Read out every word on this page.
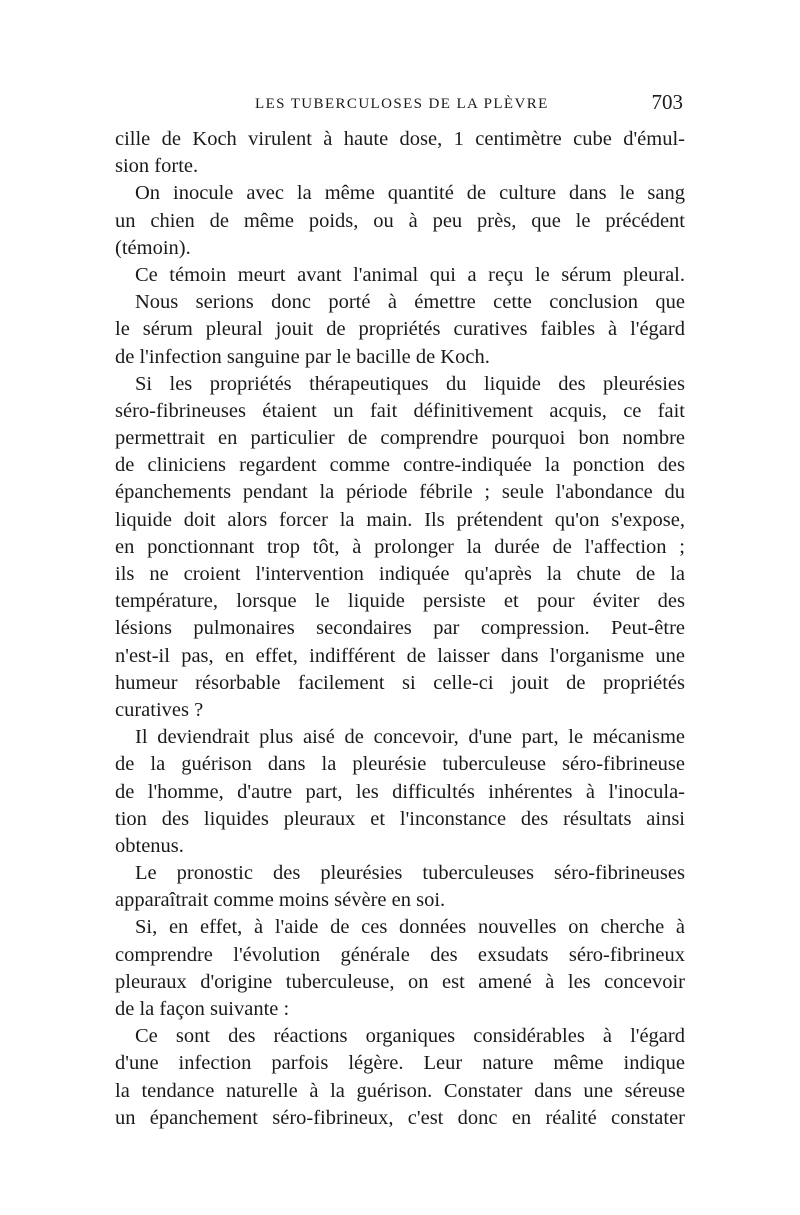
LES TUBERCULOSES DE LA PLÈVRE	703
cille de Koch virulent à haute dose, 1 centimètre cube d'émul-
sion forte.
On inocule avec la même quantité de culture dans le sang
un chien de même poids, ou à peu près, que le précédent
(témoin).
Ce témoin meurt avant l'animal qui a reçu le sérum pleural.
Nous serions donc porté à émettre cette conclusion que
le sérum pleural jouit de propriétés curatives faibles à l'égard
de l'infection sanguine par le bacille de Koch.
Si les propriétés thérapeutiques du liquide des pleurésies
séro-fibrineuses étaient un fait définitivement acquis, ce fait
permettrait en particulier de comprendre pourquoi bon nombre
de cliniciens regardent comme contre-indiquée la ponction des
épanchements pendant la période fébrile ; seule l'abondance du
liquide doit alors forcer la main. Ils prétendent qu'on s'expose,
en ponctionnant trop tôt, à prolonger la durée de l'affection ;
ils ne croient l'intervention indiquée qu'après la chute de la
température, lorsque le liquide persiste et pour éviter des
lésions pulmonaires secondaires par compression. Peut-être
n'est-il pas, en effet, indifférent de laisser dans l'organisme une
humeur résorbable facilement si celle-ci jouit de propriétés
curatives ?
Il deviendrait plus aisé de concevoir, d'une part, le mécanisme
de la guérison dans la pleurésie tuberculeuse séro-fibrineuse
de l'homme, d'autre part, les difficultés inhérentes à l'inocula-
tion des liquides pleuraux et l'inconstance des résultats ainsi
obtenus.
Le pronostic des pleurésies tuberculeuses séro-fibrineuses
apparaîtrait comme moins sévère en soi.
Si, en effet, à l'aide de ces données nouvelles on cherche à
comprendre l'évolution générale des exsudats séro-fibrineux
pleuraux d'origine tuberculeuse, on est amené à les concevoir
de la façon suivante :
Ce sont des réactions organiques considérables à l'égard
d'une infection parfois légère. Leur nature même indique
la tendance naturelle à la guérison. Constater dans une séreuse
un épanchement séro-fibrineux, c'est donc en réalité constater
